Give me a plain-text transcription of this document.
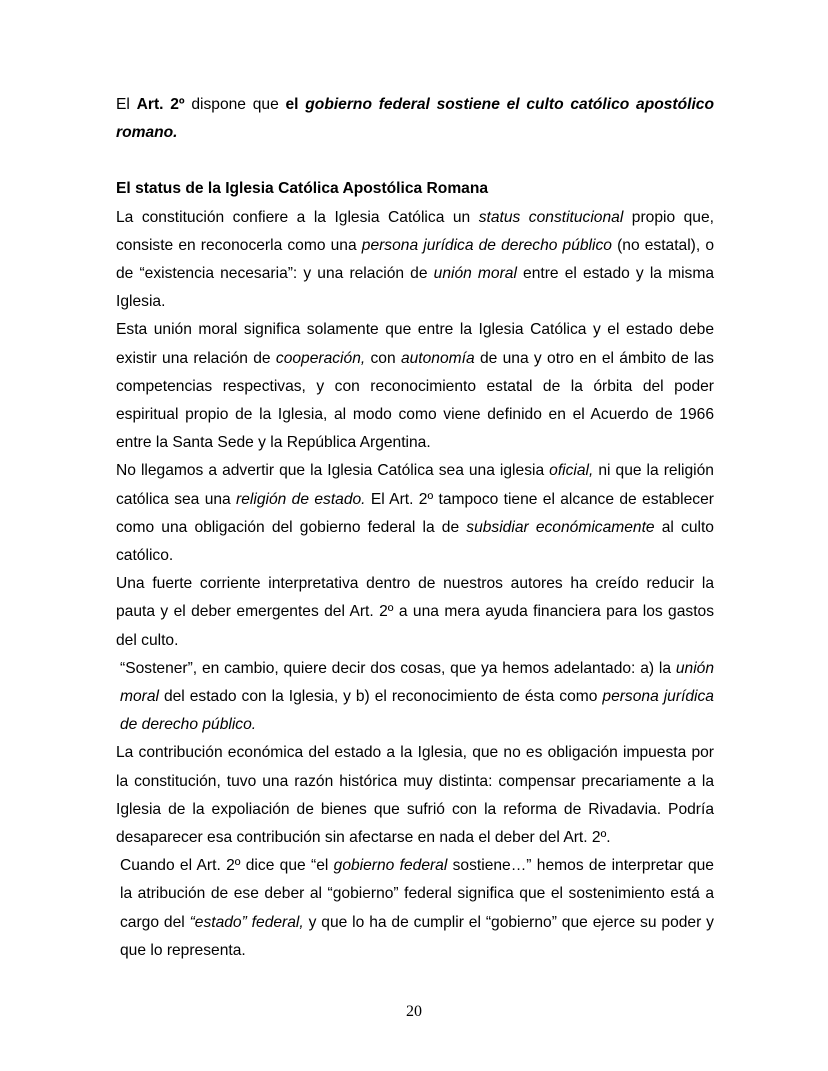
El Art. 2º dispone que el gobierno federal sostiene el culto católico apostólico romano.

El status de la Iglesia Católica Apostólica Romana

La constitución confiere a la Iglesia Católica un status constitucional propio que, consiste en reconocerla como una persona jurídica de derecho público (no estatal), o de “existencia necesaria”: y una relación de unión moral entre el estado y la misma Iglesia.

Esta unión moral significa solamente que entre la Iglesia Católica y el estado debe existir una relación de cooperación, con autonomía de una y otro en el ámbito de las competencias respectivas, y con reconocimiento estatal de la órbita del poder espiritual propio de la Iglesia, al modo como viene definido en el Acuerdo de 1966 entre la Santa Sede y la República Argentina.

No llegamos a advertir que la Iglesia Católica sea una iglesia oficial, ni que la religión católica sea una religión de estado. El Art. 2º tampoco tiene el alcance de establecer como una obligación del gobierno federal la de subsidiar económicamente al culto católico.

Una fuerte corriente interpretativa dentro de nuestros autores ha creído reducir la pauta y el deber emergentes del Art. 2º a una mera ayuda financiera para los gastos del culto.

“Sostener”, en cambio, quiere decir dos cosas, que ya hemos adelantado: a) la unión moral del estado con la Iglesia, y b) el reconocimiento de ésta como persona jurídica de derecho público.

La contribución económica del estado a la Iglesia, que no es obligación impuesta por la constitución, tuvo una razón histórica muy distinta: compensar precariamente a la Iglesia de la expoliación de bienes que sufrió con la reforma de Rivadavia. Podría desaparecer esa contribución sin afectarse en nada el deber del Art. 2º.

Cuando el Art. 2º dice que “el gobierno federal sostiene…” hemos de interpretar que la atribución de ese deber al “gobierno” federal significa que el sostenimiento está a cargo del “estado” federal, y que lo ha de cumplir el “gobierno” que ejerce su poder y que lo representa.

20
